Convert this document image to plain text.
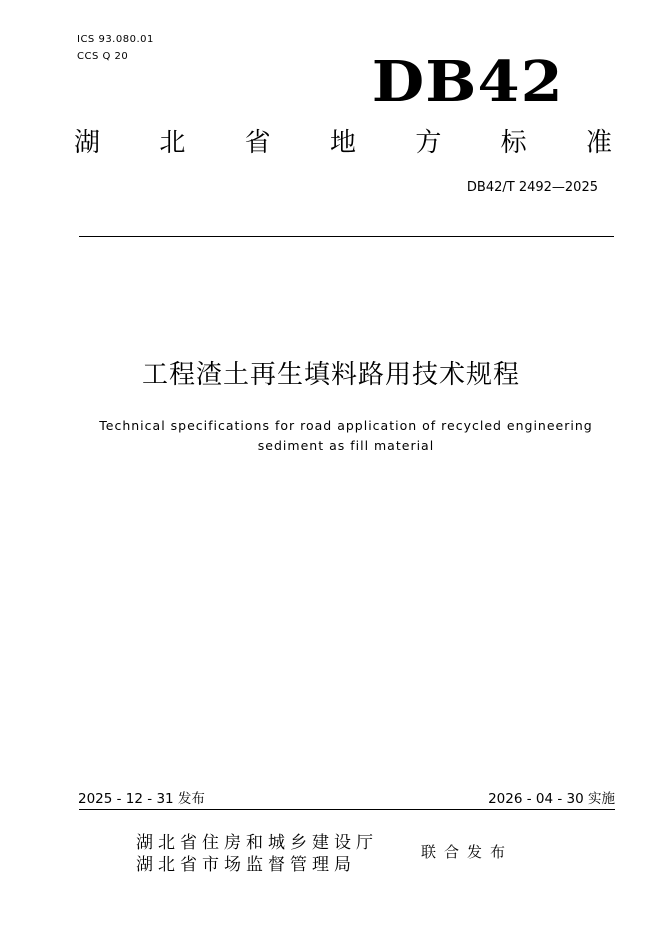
ICS 93.080.01
CCS Q 20	DB42
湖 北 省 地 方 标 准
DB42/T 2492—2025
工程渣土再生填料路用技术规程
Technical specifications for road application of recycled engineering
sediment as fill material
2025 - 12 - 31 发布	2026 - 04 - 30 实施
湖北省住房和城乡建设厅
湖北省市场监督管理局
联合发布
